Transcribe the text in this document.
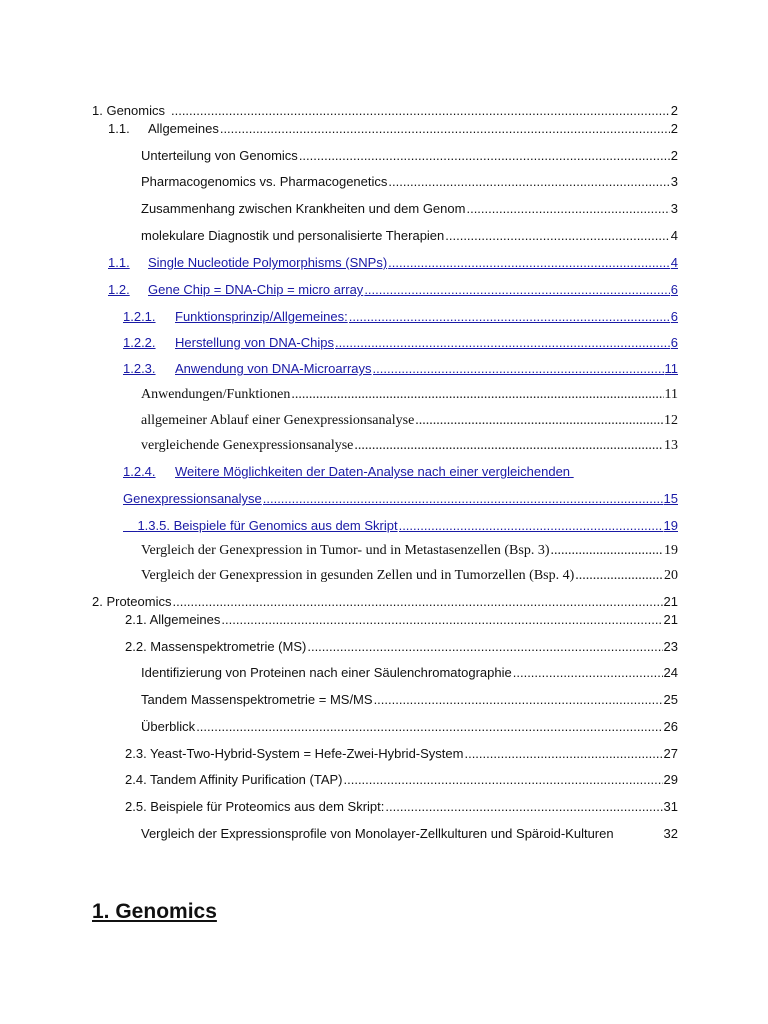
1. Genomics .....	2
1.1.	Allgemeines .....	2
Unterteilung von Genomics .....	2
Pharmacogenomics vs. Pharmacogenetics .....	3
Zusammenhang zwischen Krankheiten und dem Genom .....	3
molekulare Diagnostik und personalisierte Therapien .....	4
1.1.	Single Nucleotide Polymorphisms (SNPs) .....	4
1.2.	Gene Chip = DNA-Chip = micro array .....	6
1.2.1.	Funktionsprinzip/Allgemeines: .....	6
1.2.2.	Herstellung von DNA-Chips .....	6
1.2.3.	Anwendung von DNA-Microarrays .....	11
Anwendungen/Funktionen .....	11
allgemeiner Ablauf einer Genexpressionsanalyse .....	12
vergleichende Genexpressionsanalyse .....	13
1.2.4.	Weitere Möglichkeiten der Daten-Analyse nach einer vergleichenden

Genexpressionsanalyse .....	15

1.3.5. Beispiele für Genomics aus dem Skript .....	19
Vergleich der Genexpression in Tumor- und in Metastasenzellen (Bsp. 3) .....	19
Vergleich der Genexpression in gesunden Zellen und in Tumorzellen (Bsp. 4) .....	20
2. Proteomics .....	21
2.1. Allgemeines .....	21
2.2. Massenspektrometrie (MS) .....	23
Identifizierung von Proteinen nach einer Säulenchromatographie .....	24
Tandem Massenspektrometrie = MS/MS .....	25
Überblick .....	26
2.3. Yeast-Two-Hybrid-System = Hefe-Zwei-Hybrid-System .....	27
2.4. Tandem Affinity Purification (TAP) .....	29
2.5. Beispiele für Proteomics aus dem Skript: .....	31
Vergleich der Expressionsprofile von Monolayer-Zellkulturen und Späroid-Kulturen	32
1. Genomics
